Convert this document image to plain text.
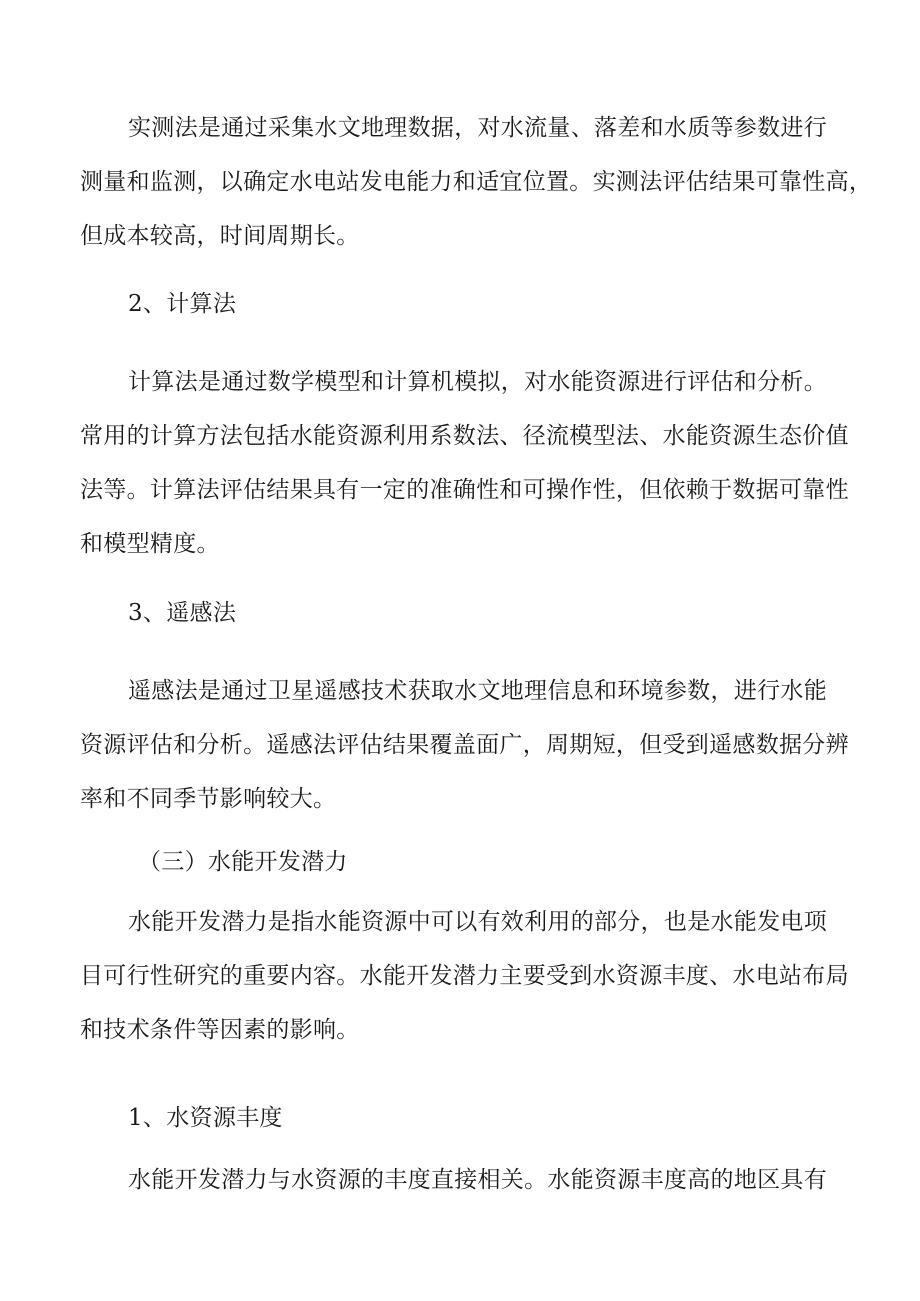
实测法是通过采集水文地理数据，对水流量、落差和水质等参数进行
测量和监测，以确定水电站发电能力和适宜位置。实测法评估结果可靠性高，
但成本较高，时间周期长。
2、计算法
计算法是通过数学模型和计算机模拟，对水能资源进行评估和分析。
常用的计算方法包括水能资源利用系数法、径流模型法、水能资源生态价值
法等。计算法评估结果具有一定的准确性和可操作性，但依赖于数据可靠性
和模型精度。
3、遥感法
遥感法是通过卫星遥感技术获取水文地理信息和环境参数，进行水能
资源评估和分析。遥感法评估结果覆盖面广，周期短，但受到遥感数据分辨
率和不同季节影响较大。
（三）水能开发潜力
水能开发潜力是指水能资源中可以有效利用的部分，也是水能发电项
目可行性研究的重要内容。水能开发潜力主要受到水资源丰度、水电站布局
和技术条件等因素的影响。
1、水资源丰度
水能开发潜力与水资源的丰度直接相关。水能资源丰度高的地区具有
